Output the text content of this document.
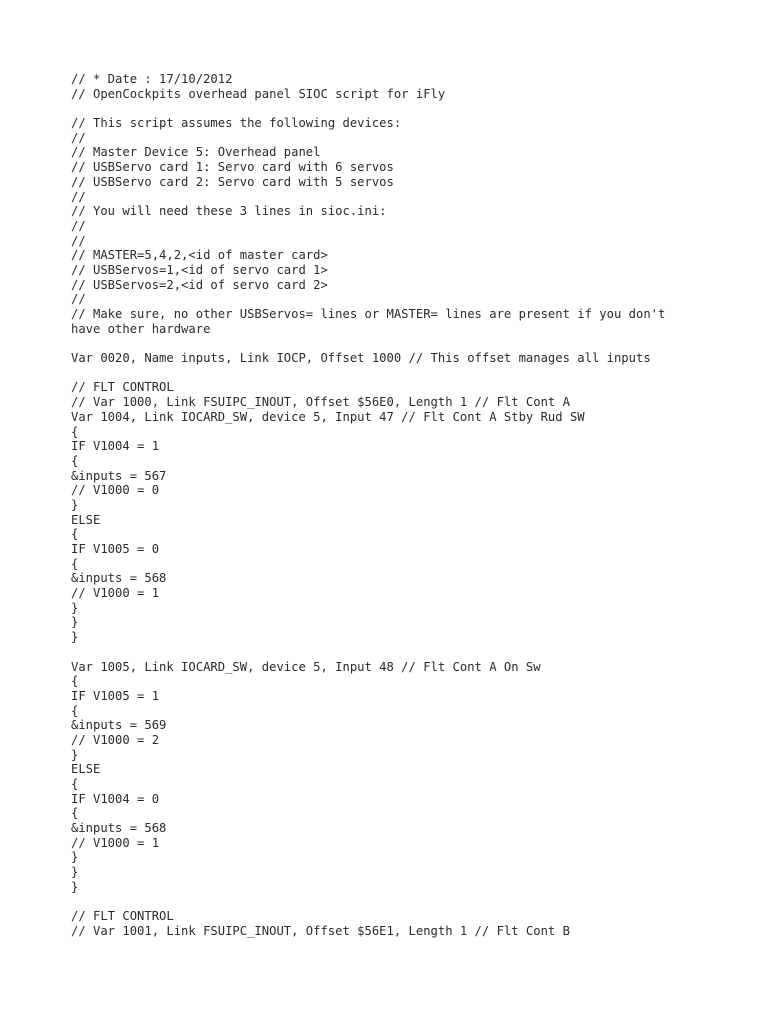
// * Date : 17/10/2012
// OpenCockpits overhead panel SIOC script for iFly
// This script assumes the following devices:
//
// Master Device 5: Overhead panel
// USBServo card 1: Servo card with 6 servos
// USBServo card 2: Servo card with 5 servos
//
// You will need these 3 lines in sioc.ini:
//
//
// MASTER=5,4,2,<id of master card>
// USBServos=1,<id of servo card 1>
// USBServos=2,<id of servo card 2>
//
// Make sure, no other USBServos= lines or MASTER= lines are present if you don't
have other hardware
Var 0020, Name inputs, Link IOCP, Offset 1000 // This offset manages all inputs
// FLT CONTROL
// Var 1000, Link FSUIPC_INOUT, Offset $56E0, Length 1 // Flt Cont A
Var 1004, Link IOCARD_SW, device 5, Input 47 // Flt Cont A Stby Rud SW
{
IF V1004 = 1
{
&inputs = 567
// V1000 = 0
}
ELSE
{
IF V1005 = 0
{
&inputs = 568
// V1000 = 1
}
}
}
Var 1005, Link IOCARD_SW, device 5, Input 48 // Flt Cont A On Sw
{
IF V1005 = 1
{
&inputs = 569
// V1000 = 2
}
ELSE
{
IF V1004 = 0
{
&inputs = 568
// V1000 = 1
}
}
}
// FLT CONTROL
// Var 1001, Link FSUIPC_INOUT, Offset $56E1, Length 1 // Flt Cont B
